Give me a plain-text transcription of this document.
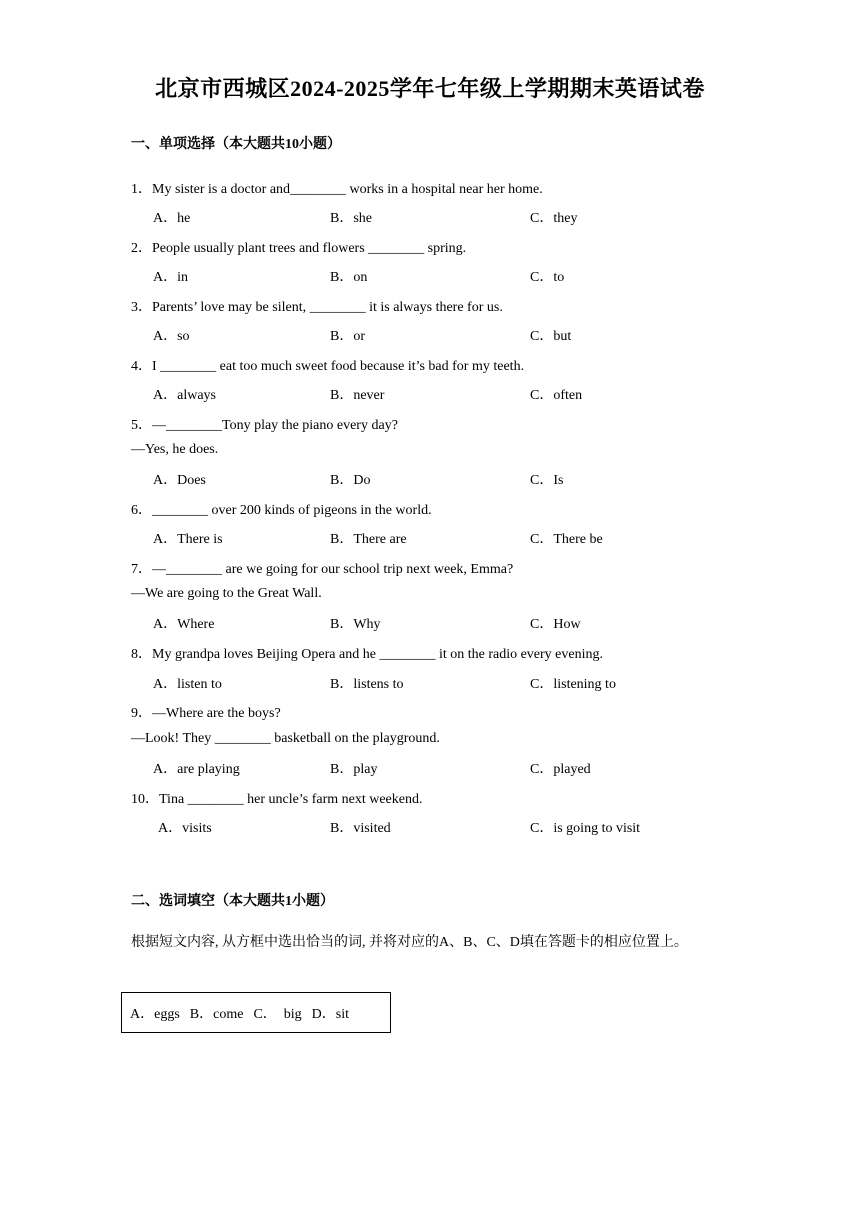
北京市西城区2024-2025学年七年级上学期期末英语试卷
一、单项选择（本大题共10小题）
1．My sister is a doctor and________ works in a hospital near her home.
A．he	B．she	C．they
2．People usually plant trees and flowers ________ spring.
A．in	B．on	C．to
3．Parents’ love may be silent, ________ it is always there for us.
A．so	B．or	C．but
4．I ________ eat too much sweet food because it’s bad for my teeth.
A．always	B．never	C．often
5．—________Tony play the piano every day?
—Yes, he does.
A．Does	B．Do	C．Is
6．________ over 200 kinds of pigeons in the world.
A．There is	B．There are	C．There be
7．—________ are we going for our school trip next week, Emma?
—We are going to the Great Wall.
A．Where	B．Why	C．How
8．My grandpa loves Beijing Opera and he ________ it on the radio every evening.
A．listen to	B．listens to	C．listening to
9．—Where are the boys?
—Look! They ________ basketball on the playground.
A．are playing	B．play	C．played
10．Tina ________ her uncle’s farm next weekend.
A．visits	B．visited	C．is going to visit
二、选词填空（本大题共1小题）
根据短文内容, 从方框中选出恰当的词, 并将对应的A、B、C、D填在答题卡的相应位置上。
A．eggs B．come C．  big D．sit
